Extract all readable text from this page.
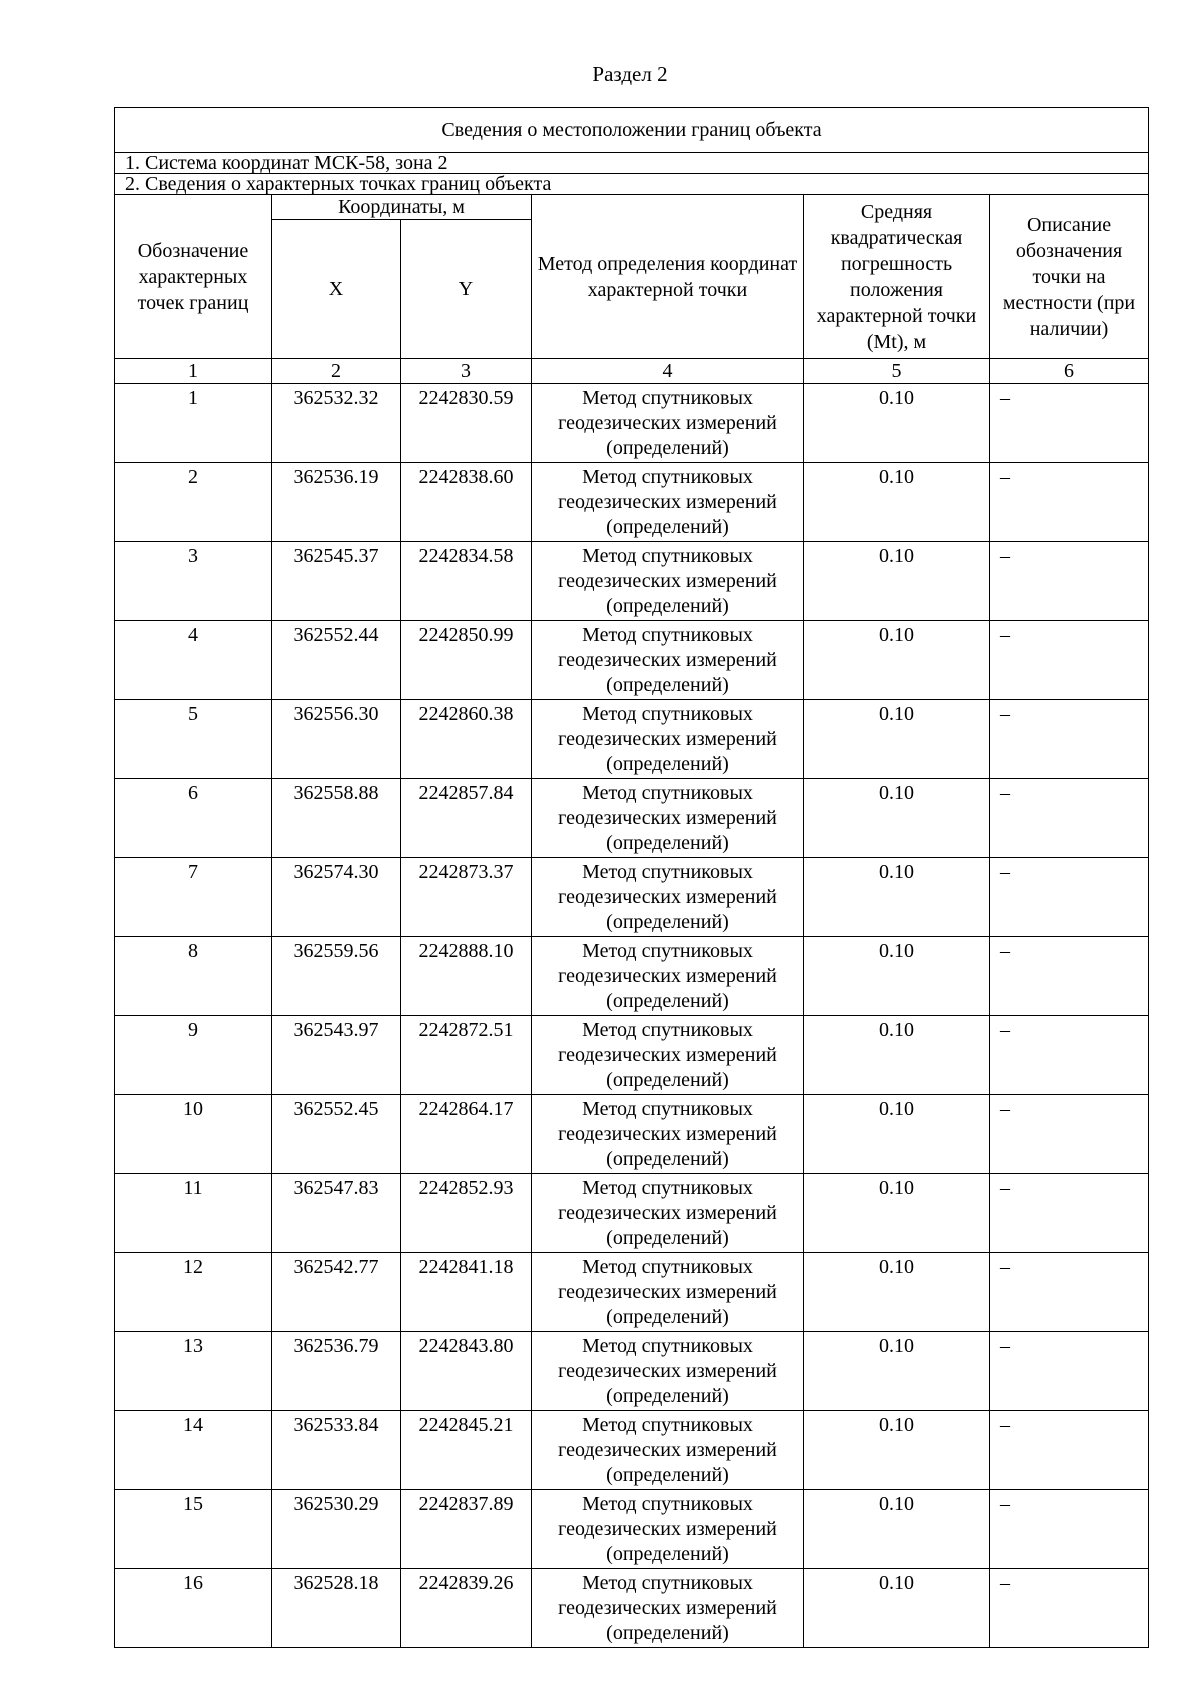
Раздел 2
Сведения о местоположении границ объекта					
1. Система координат МСК-58, зона 2					
2. Сведения о характерных точках границ объекта					
Обозначение характерных точек границ	Координаты, м		Метод определения координат характерной точки	Средняя квадратическая погрешность положения характерной точки (Mt), м	Описание обозначения точки на местности (при наличии)
	X	Y			
1	2	3	4	5	6
1	362532.32	2242830.59	Метод спутниковых геодезических измерений (определений)	0.10	–
2	362536.19	2242838.60	Метод спутниковых геодезических измерений (определений)	0.10	–
3	362545.37	2242834.58	Метод спутниковых геодезических измерений (определений)	0.10	–
4	362552.44	2242850.99	Метод спутниковых геодезических измерений (определений)	0.10	–
5	362556.30	2242860.38	Метод спутниковых геодезических измерений (определений)	0.10	–
6	362558.88	2242857.84	Метод спутниковых геодезических измерений (определений)	0.10	–
7	362574.30	2242873.37	Метод спутниковых геодезических измерений (определений)	0.10	–
8	362559.56	2242888.10	Метод спутниковых геодезических измерений (определений)	0.10	–
9	362543.97	2242872.51	Метод спутниковых геодезических измерений (определений)	0.10	–
10	362552.45	2242864.17	Метод спутниковых геодезических измерений (определений)	0.10	–
11	362547.83	2242852.93	Метод спутниковых геодезических измерений (определений)	0.10	–
12	362542.77	2242841.18	Метод спутниковых геодезических измерений (определений)	0.10	–
13	362536.79	2242843.80	Метод спутниковых геодезических измерений (определений)	0.10	–
14	362533.84	2242845.21	Метод спутниковых геодезических измерений (определений)	0.10	–
15	362530.29	2242837.89	Метод спутниковых геодезических измерений (определений)	0.10	–
16	362528.18	2242839.26	Метод спутниковых геодезических измерений (определений)	0.10	–
